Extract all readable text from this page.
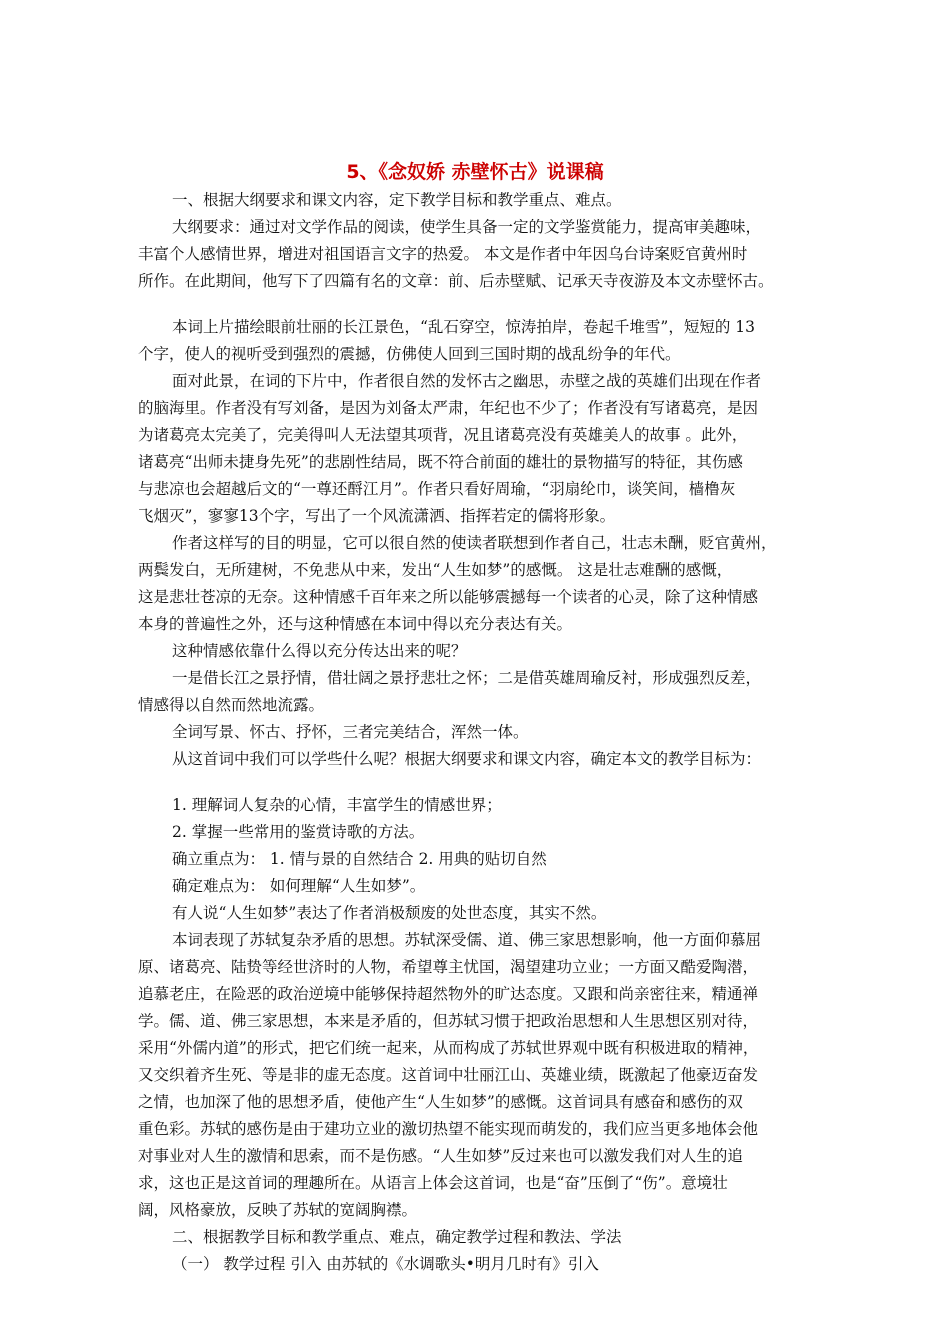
5、《念奴娇 赤壁怀古》说课稿
一、根据大纲要求和课文内容，定下教学目标和教学重点、难点。
大纲要求：通过对文学作品的阅读，使学生具备一定的文学鉴赏能力，提高审美趣味，
丰富个人感情世界，增进对祖国语言文字的热爱。 本文是作者中年因乌台诗案贬官黄州时
所作。在此期间，他写下了四篇有名的文章：前、后赤壁赋、记承天寺夜游及本文赤壁怀古。
本词上片描绘眼前壮丽的长江景色，“乱石穿空，惊涛拍岸，卷起千堆雪”，短短的 13
个字，使人的视听受到强烈的震撼，仿佛使人回到三国时期的战乱纷争的年代。
面对此景，在词的下片中，作者很自然的发怀古之幽思，赤壁之战的英雄们出现在作者
的脑海里。作者没有写刘备，是因为刘备太严肃，年纪也不少了；作者没有写诸葛亮，是因
为诸葛亮太完美了，完美得叫人无法望其项背，况且诸葛亮没有英雄美人的故事 。此外，
诸葛亮“出师未捷身先死”的悲剧性结局，既不符合前面的雄壮的景物描写的特征，其伤感
与悲凉也会超越后文的“一尊还酹江月”。作者只看好周瑜，“羽扇纶巾，谈笑间，樯橹灰
飞烟灭”，寥寥13个字，写出了一个风流潇洒、指挥若定的儒将形象。
作者这样写的目的明显，它可以很自然的使读者联想到作者自己，壮志未酬，贬官黄州，
两鬓发白，无所建树，不免悲从中来，发出“人生如梦”的感慨。 这是壮志难酬的感慨，
这是悲壮苍凉的无奈。这种情感千百年来之所以能够震撼每一个读者的心灵，除了这种情感
本身的普遍性之外，还与这种情感在本词中得以充分表达有关。
这种情感依靠什么得以充分传达出来的呢？
一是借长江之景抒情，借壮阔之景抒悲壮之怀；二是借英雄周瑜反衬，形成强烈反差，
情感得以自然而然地流露。
全词写景、怀古、抒怀，三者完美结合，浑然一体。
从这首词中我们可以学些什么呢？根据大纲要求和课文内容，确定本文的教学目标为：
1. 理解词人复杂的心情，丰富学生的情感世界；
2. 掌握一些常用的鉴赏诗歌的方法。
确立重点为： 1. 情与景的自然结合 2. 用典的贴切自然
确定难点为： 如何理解“人生如梦”。
有人说“人生如梦”表达了作者消极颓废的处世态度，其实不然。
本词表现了苏轼复杂矛盾的思想。苏轼深受儒、道、佛三家思想影响，他一方面仰慕屈
原、诸葛亮、陆贽等经世济时的人物，希望尊主忧国，渴望建功立业；一方面又酷爱陶潜，
追慕老庄，在险恶的政治逆境中能够保持超然物外的旷达态度。又跟和尚亲密往来，精通禅
学。儒、道、佛三家思想，本来是矛盾的，但苏轼习惯于把政治思想和人生思想区别对待，
采用“外儒内道”的形式，把它们统一起来，从而构成了苏轼世界观中既有积极进取的精神，
又交织着齐生死、等是非的虚无态度。这首词中壮丽江山、英雄业绩，既激起了他豪迈奋发
之情，也加深了他的思想矛盾，使他产生“人生如梦”的感慨。这首词具有感奋和感伤的双
重色彩。苏轼的感伤是由于建功立业的激切热望不能实现而萌发的，我们应当更多地体会他
对事业对人生的激情和思索，而不是伤感。“人生如梦”反过来也可以激发我们对人生的追
求，这也正是这首词的理趣所在。从语言上体会这首词，也是“奋”压倒了“伤”。意境壮
阔，风格豪放，反映了苏轼的宽阔胸襟。
二、根据教学目标和教学重点、难点，确定教学过程和教法、学法
（一） 教学过程 引入 由苏轼的《水调歌头•明月几时有》引入
